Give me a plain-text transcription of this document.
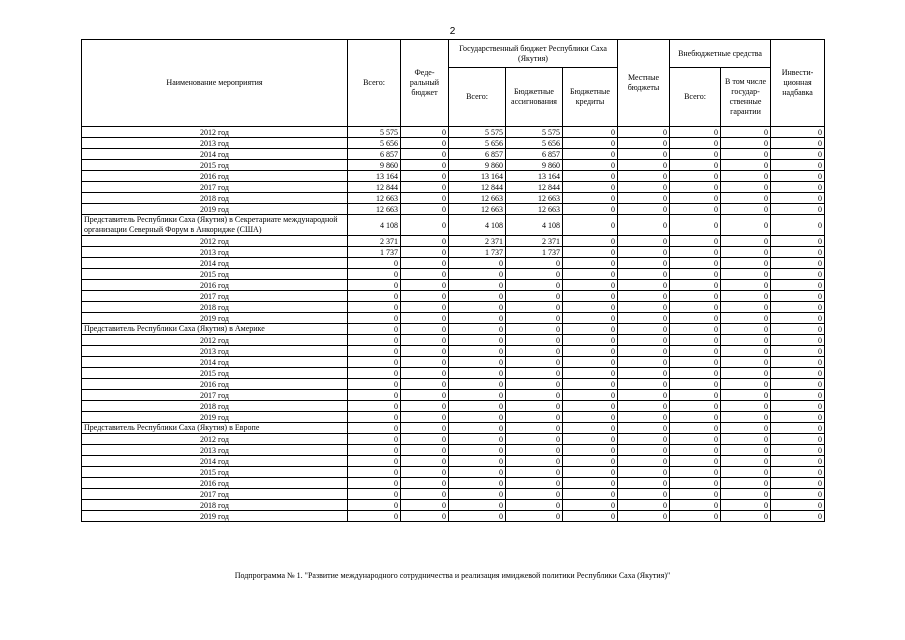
2
Наименование мероприятия	Всего:	Феде- ральный бюджет	Государственный бюджет Республики Саха (Якутия)			Местные бюджеты	Внебюджетные средства		Инвести-ционная надбавка
			Всего:	Бюджетные ассигнования	Бюджетные кредиты		Всего:	В том числе государ-ственные гарантии	
2012 год	5 575	0	5 575	5 575	0	0	0	0	0
2013 год	5 656	0	5 656	5 656	0	0	0	0	0
2014 год	6 857	0	6 857	6 857	0	0	0	0	0
2015 год	9 860	0	9 860	9 860	0	0	0	0	0
2016 год	13 164	0	13 164	13 164	0	0	0	0	0
2017 год	12 844	0	12 844	12 844	0	0	0	0	0
2018 год	12 663	0	12 663	12 663	0	0	0	0	0
2019 год	12 663	0	12 663	12 663	0	0	0	0	0
Представитель Республики Саха (Якутия) в Секретариате международной организации Северный Форум в Анкоридже (США)	4 108	0	4 108	4 108	0	0	0	0	0
2012 год	2 371	0	2 371	2 371	0	0	0	0	0
2013 год	1 737	0	1 737	1 737	0	0	0	0	0
2014 год	0	0	0	0	0	0	0	0	0
2015 год	0	0	0	0	0	0	0	0	0
2016 год	0	0	0	0	0	0	0	0	0
2017 год	0	0	0	0	0	0	0	0	0
2018 год	0	0	0	0	0	0	0	0	0
2019 год	0	0	0	0	0	0	0	0	0
Представитель Республики Саха (Якутия) в Америке	0	0	0	0	0	0	0	0	0
2012 год	0	0	0	0	0	0	0	0	0
2013 год	0	0	0	0	0	0	0	0	0
2014 год	0	0	0	0	0	0	0	0	0
2015 год	0	0	0	0	0	0	0	0	0
2016 год	0	0	0	0	0	0	0	0	0
2017 год	0	0	0	0	0	0	0	0	0
2018 год	0	0	0	0	0	0	0	0	0
2019 год	0	0	0	0	0	0	0	0	0
Представитель Республики Саха (Якутия) в Европе	0	0	0	0	0	0	0	0	0
2012 год	0	0	0	0	0	0	0	0	0
2013 год	0	0	0	0	0	0	0	0	0
2014 год	0	0	0	0	0	0	0	0	0
2015 год	0	0	0	0	0	0	0	0	0
2016 год	0	0	0	0	0	0	0	0	0
2017 год	0	0	0	0	0	0	0	0	0
2018 год	0	0	0	0	0	0	0	0	0
2019 год	0	0	0	0	0	0	0	0	0
Подпрограмма № 1. "Развитие международного сотрудничества и реализация имиджевой политики Республики Саха (Якутия)"
